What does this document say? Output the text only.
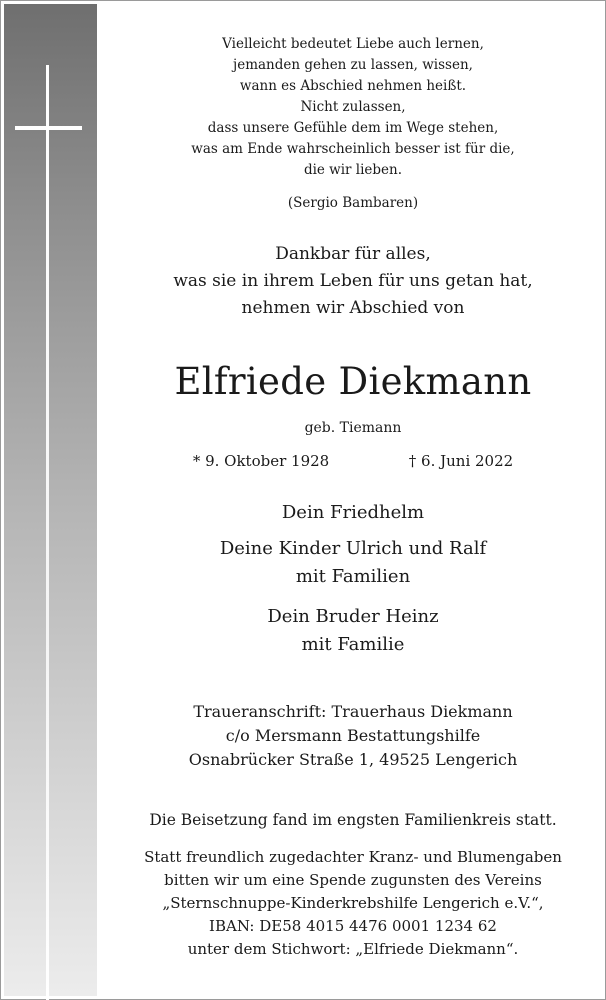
Vielleicht bedeutet Liebe auch lernen,
jemanden gehen zu lassen, wissen,
wann es Abschied nehmen heißt.
Nicht zulassen,
dass unsere Gefühle dem im Wege stehen,
was am Ende wahrscheinlich besser ist für die,
die wir lieben.
(Sergio Bambaren)
Dankbar für alles,
was sie in ihrem Leben für uns getan hat,
nehmen wir Abschied von
Elfriede Diekmann
geb. Tiemann
* 9. Oktober 1928	† 6. Juni 2022
Dein Friedhelm
Deine Kinder Ulrich und Ralf
mit Familien
Dein Bruder Heinz
mit Familie
Traueranschrift: Trauerhaus Diekmann
c/o Mersmann Bestattungshilfe
Osnabrücker Straße 1, 49525 Lengerich
Die Beisetzung fand im engsten Familienkreis statt.
Statt freundlich zugedachter Kranz- und Blumengaben
bitten wir um eine Spende zugunsten des Vereins
„Sternschnuppe-Kinderkrebshilfe Lengerich e.V.“,
IBAN: DE58 4015 4476 0001 1234 62
unter dem Stichwort: „Elfriede Diekmann“.
